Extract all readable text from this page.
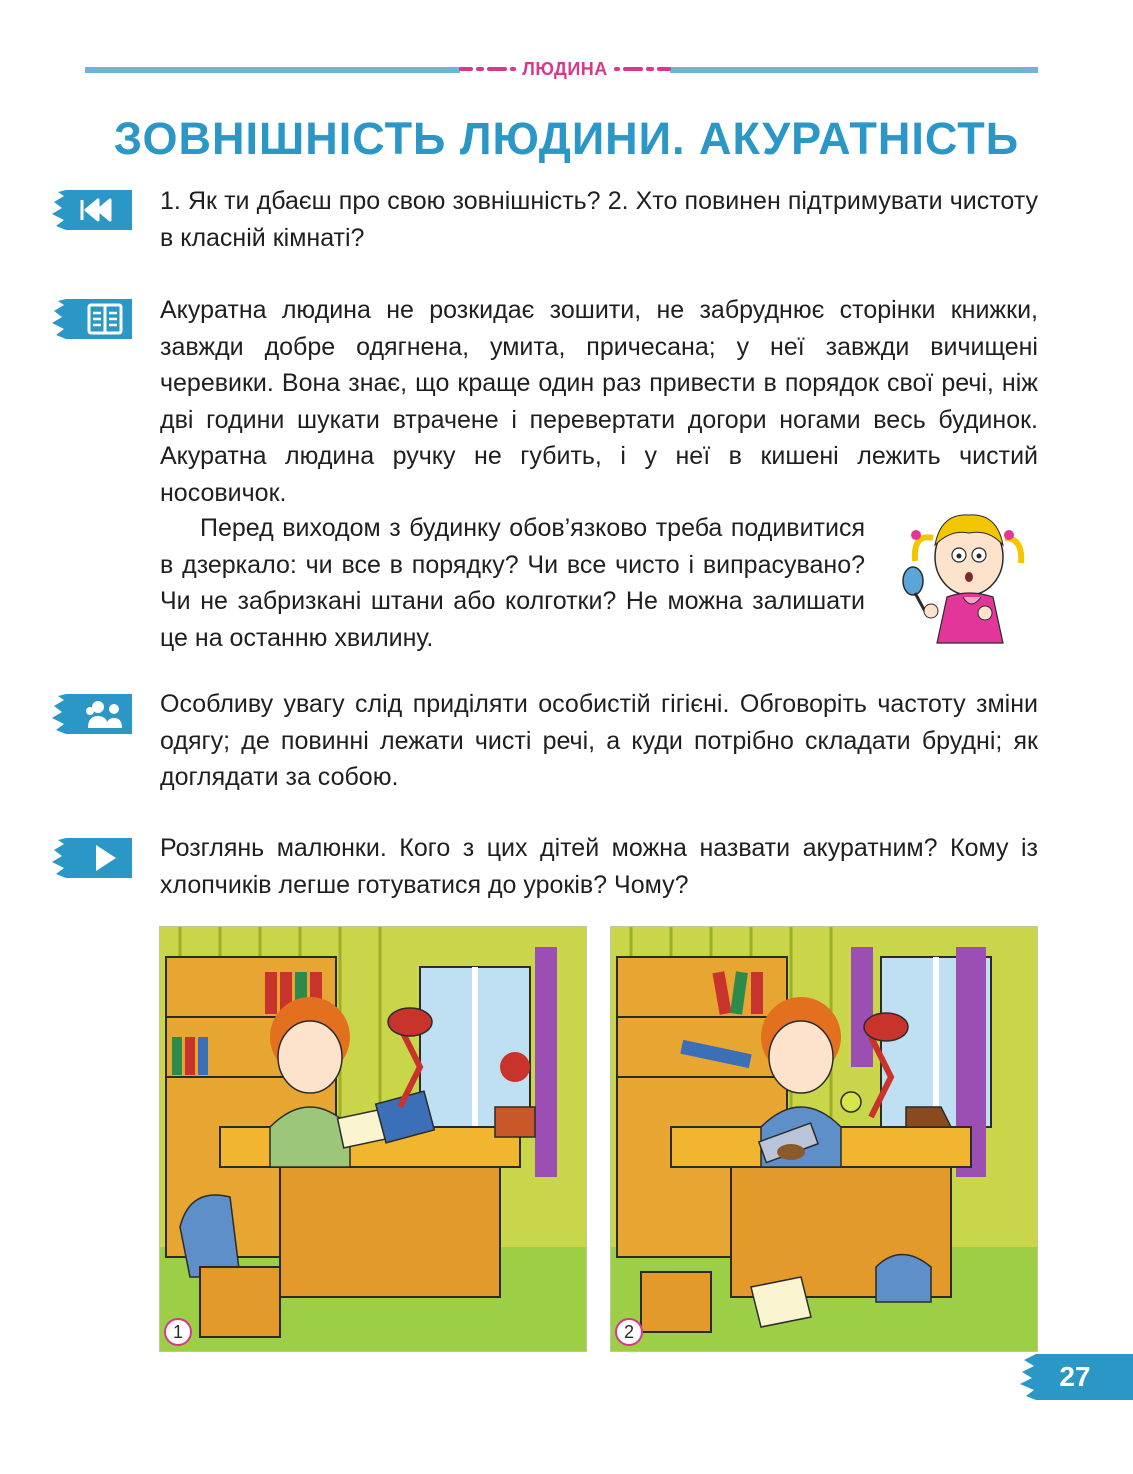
ЛЮДИНА
ЗОВНІШНІСТЬ ЛЮДИНИ. АКУРАТНІСТЬ

1. Як ти дбаєш про свою зовнішність? 2. Хто повинен підтримувати чистоту в класній кімнаті?

Акуратна людина не розкидає зошити, не забруднює сторінки книжки, завжди добре одягнена, умита, причесана; у неї завжди вичищені черевики. Вона знає, що краще один раз привести в порядок свої речі, ніж дві години шукати втрачене і перевертати догори ногами весь будинок. Акуратна людина ручку не губить, і у неї в кишені лежить чистий носовичок.

Перед виходом з будинку обов’язково треба подивитися в дзеркало: чи все в порядку? Чи все чисто і випрасувано? Чи не забризкані штани або колготки? Не можна залишати це на останню хвилину.

Особливу увагу слід приділяти особистій гігієні. Обговоріть частоту зміни одягу; де повинні лежати чисті речі, а куди потрібно складати брудні; як доглядати за собою.

Розглянь малюнки. Кого з цих дітей можна назвати акуратним? Кому із хлопчиків легше готуватися до уроків? Чому?

1	2
27
